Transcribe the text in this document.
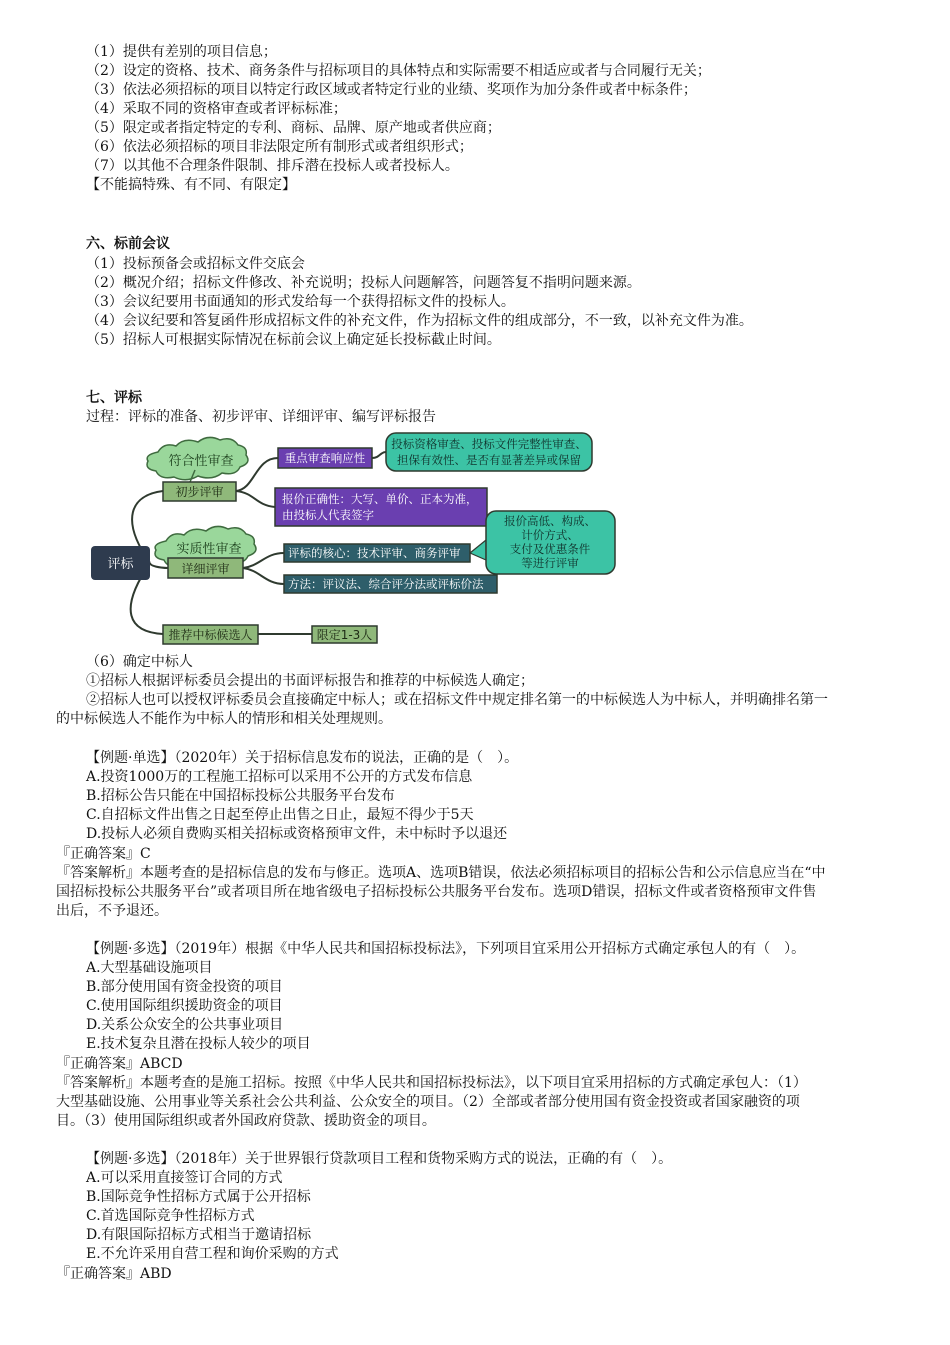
（1）提供有差别的项目信息；
（2）设定的资格、技术、商务条件与招标项目的具体特点和实际需要不相适应或者与合同履行无关；
（3）依法必须招标的项目以特定行政区域或者特定行业的业绩、奖项作为加分条件或者中标条件；
（4）采取不同的资格审查或者评标标准；
（5）限定或者指定特定的专利、商标、品牌、原产地或者供应商；
（6）依法必须招标的项目非法限定所有制形式或者组织形式；
（7）以其他不合理条件限制、排斥潜在投标人或者投标人。
【不能搞特殊、有不同、有限定】
六、标前会议
（1）投标预备会或招标文件交底会
（2）概况介绍；招标文件修改、补充说明；投标人问题解答，问题答复不指明问题来源。
（3）会议纪要用书面通知的形式发给每一个获得招标文件的投标人。
（4）会议纪要和答复函件形成招标文件的补充文件，作为招标文件的组成部分，不一致，以补充文件为准。
（5）招标人可根据实际情况在标前会议上确定延长投标截止时间。
七、评标
过程：评标的准备、初步评审、详细评审、编写评标报告
评标
符合性审查
初步评审
重点审查响应性
投标资格审查、投标文件完整性审查、
担保有效性、是否有显著差异或保留
报价正确性：大写、单价、正本为准，
由投标人代表签字
实质性审查
详细评审
评标的核心：技术评审、商务评审
报价高低、构成、
计价方式、
支付及优惠条件
等进行评审
方法：评议法、综合评分法或评标价法
推荐中标候选人	限定1-3人
（6）确定中标人
①招标人根据评标委员会提出的书面评标报告和推荐的中标候选人确定；
②招标人也可以授权评标委员会直接确定中标人；或在招标文件中规定排名第一的中标候选人为中标人，并明确排名第一
的中标候选人不能作为中标人的情形和相关处理规则。
【例题·单选】（2020年）关于招标信息发布的说法，正确的是（　）。
A.投资1000万的工程施工招标可以采用不公开的方式发布信息
B.招标公告只能在中国招标投标公共服务平台发布
C.自招标文件出售之日起至停止出售之日止，最短不得少于5天
D.投标人必须自费购买相关招标或资格预审文件，未中标时予以退还
『正确答案』C
『答案解析』本题考查的是招标信息的发布与修正。选项A、选项B错误，依法必须招标项目的招标公告和公示信息应当在“中
国招标投标公共服务平台”或者项目所在地省级电子招标投标公共服务平台发布。选项D错误，招标文件或者资格预审文件售
出后，不予退还。
【例题·多选】（2019年）根据《中华人民共和国招标投标法》，下列项目宜采用公开招标方式确定承包人的有（　）。
A.大型基础设施项目
B.部分使用国有资金投资的项目
C.使用国际组织援助资金的项目
D.关系公众安全的公共事业项目
E.技术复杂且潜在投标人较少的项目
『正确答案』ABCD
『答案解析』本题考查的是施工招标。按照《中华人民共和国招标投标法》，以下项目宜采用招标的方式确定承包人：（1）
大型基础设施、公用事业等关系社会公共利益、公众安全的项目。（2）全部或者部分使用国有资金投资或者国家融资的项
目。（3）使用国际组织或者外国政府贷款、援助资金的项目。
【例题·多选】（2018年）关于世界银行贷款项目工程和货物采购方式的说法，正确的有（　）。
A.可以采用直接签订合同的方式
B.国际竞争性招标方式属于公开招标
C.首选国际竞争性招标方式
D.有限国际招标方式相当于邀请招标
E.不允许采用自营工程和询价采购的方式
『正确答案』ABD
